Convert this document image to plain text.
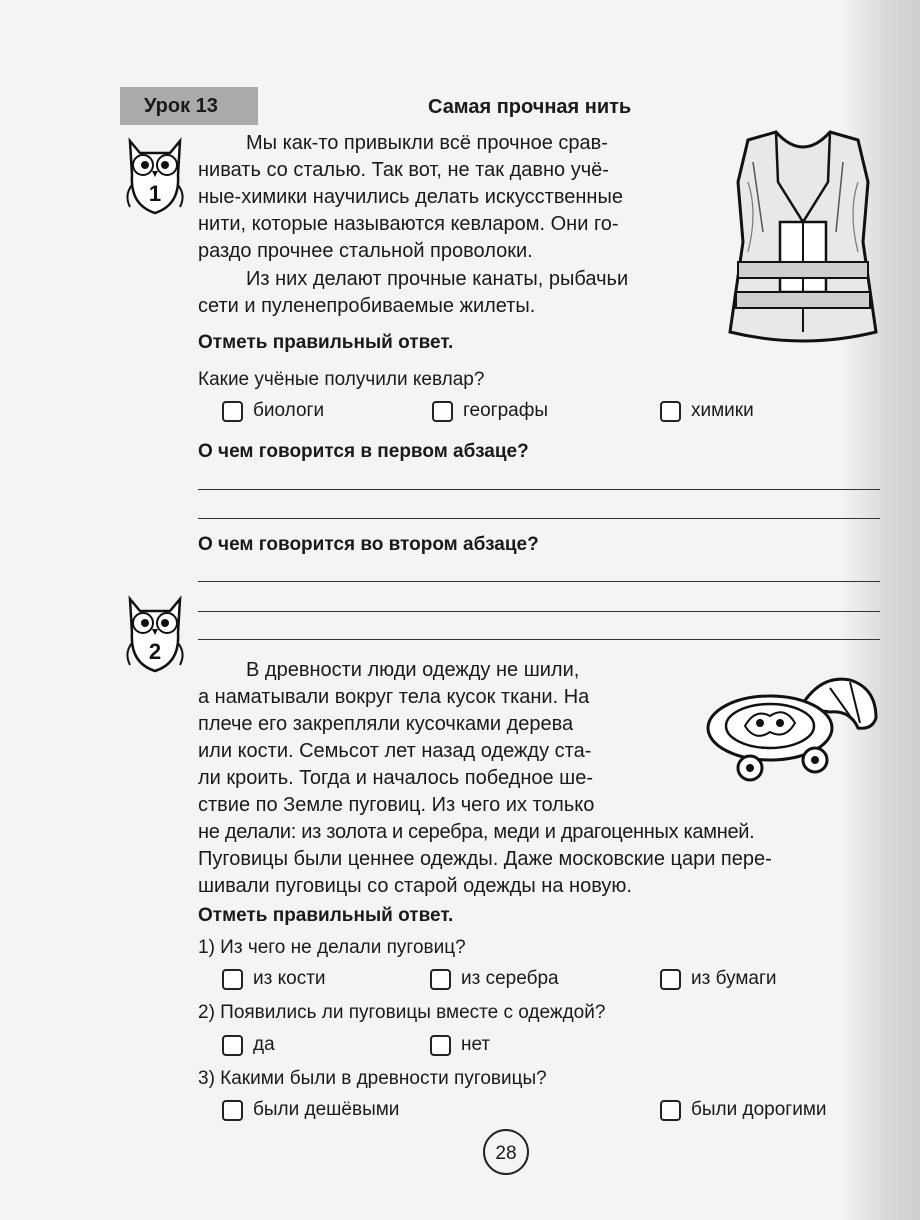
Урок 13	Самая прочная нить
1

Мы как-то привыкли всё прочное срав-

нивать со сталью. Так вот, не так давно учё-

ные-химики научились делать искусственные

нити, которые называются кевларом. Они го-

раздо прочнее стальной проволоки.

Из них делают прочные канаты, рыбачьи

сети и пуленепробиваемые жилеты.

Отметь правильный ответ.
Какие учёные получили кевлар?
биологи	географы	химики
О чем говорится в первом абзаце?
О чем говорится во втором абзаце?
2

В древности люди одежду не шили,

а наматывали вокруг тела кусок ткани. На

плече его закрепляли кусочками дерева

или кости. Семьсот лет назад одежду ста-

ли кроить. Тогда и началось победное ше-

ствие по Земле пуговиц. Из чего их только

не делали: из золота и серебра, меди и драгоценных камней.

Пуговицы были ценнее одежды. Даже московские цари пере-

шивали пуговицы со старой одежды на новую.

Отметь правильный ответ.
1) Из чего не делали пуговиц?
из кости	из серебра	из бумаги
2) Появились ли пуговицы вместе с одеждой?
да	нет
3) Какими были в древности пуговицы?
были дешёвыми	были дорогими
28
